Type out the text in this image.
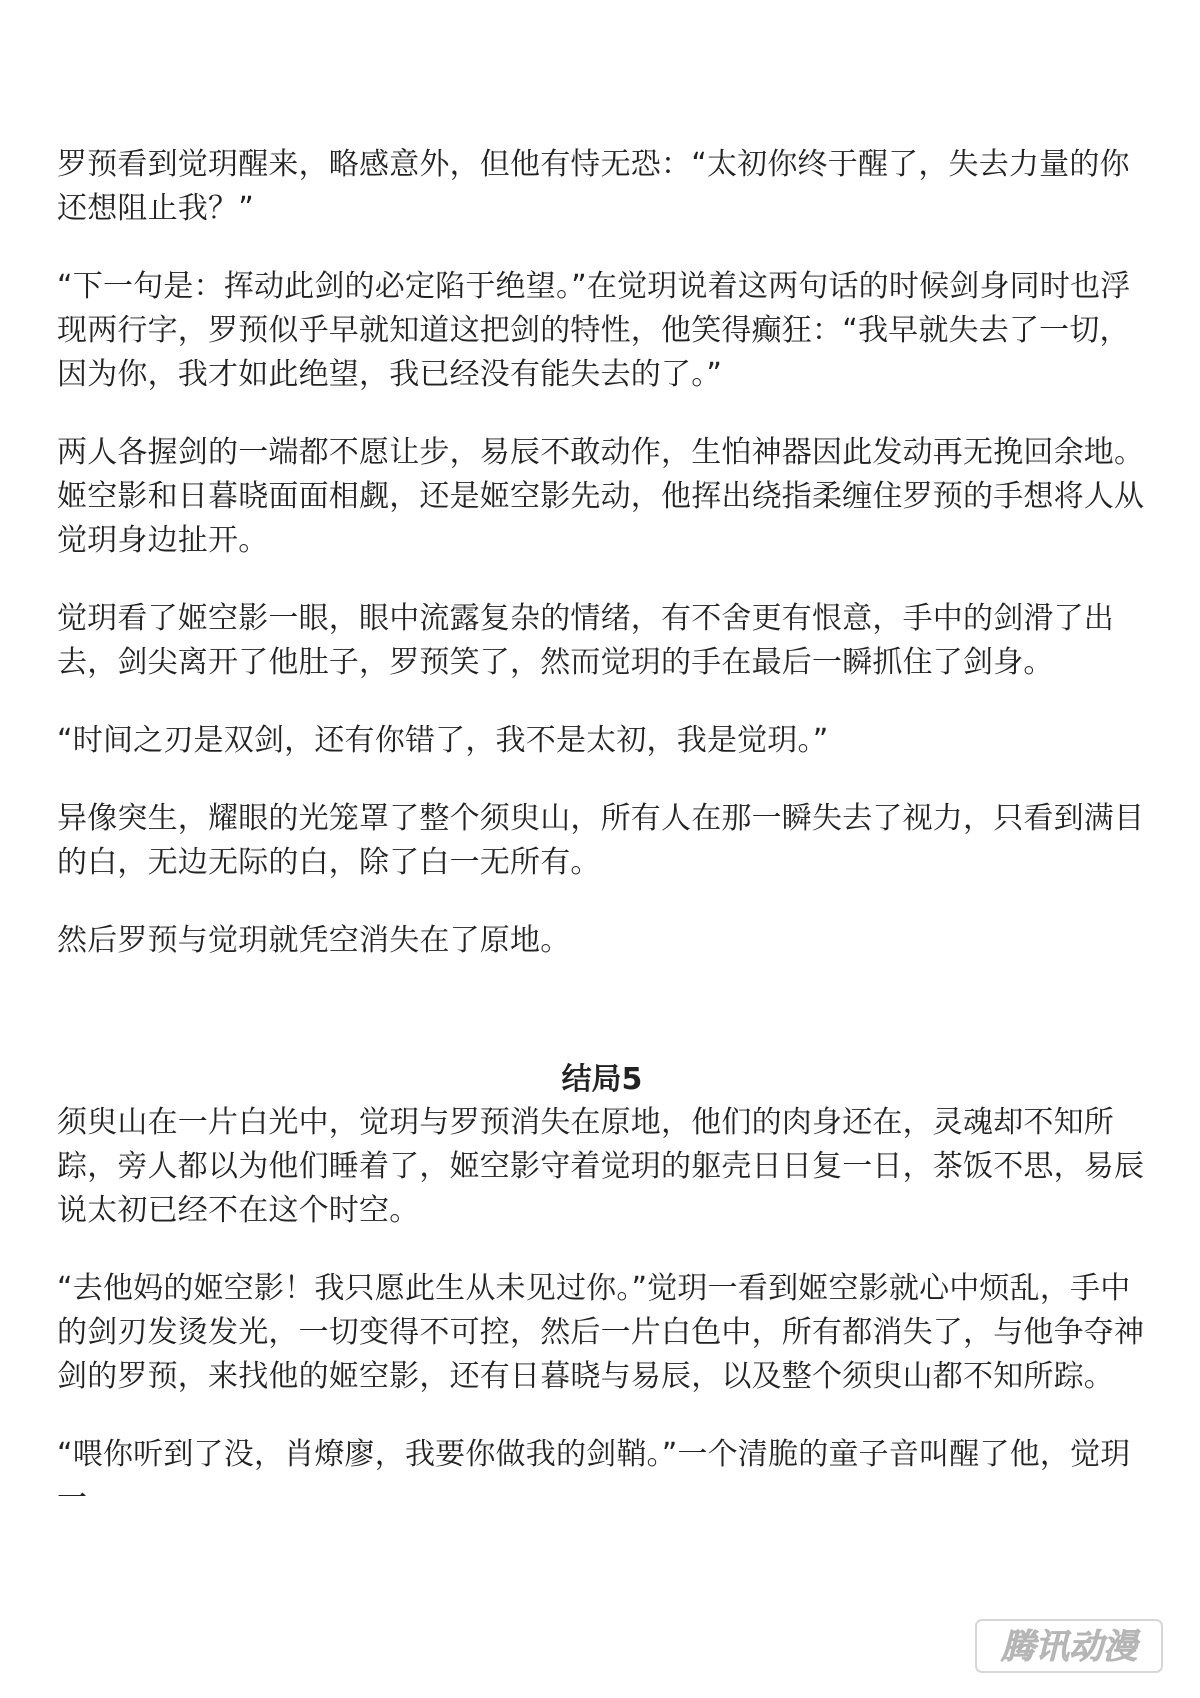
罗预看到觉玥醒来，略感意外，但他有恃无恐：“太初你终于醒了，失去力量的你还想阻止我？”

“下一句是：挥动此剑的必定陷于绝望。”在觉玥说着这两句话的时候剑身同时也浮现两行字，罗预似乎早就知道这把剑的特性，他笑得癫狂：“我早就失去了一切，因为你，我才如此绝望，我已经没有能失去的了。”

两人各握剑的一端都不愿让步，易辰不敢动作，生怕神器因此发动再无挽回余地。姬空影和日暮晓面面相觑，还是姬空影先动，他挥出绕指柔缠住罗预的手想将人从觉玥身边扯开。

觉玥看了姬空影一眼，眼中流露复杂的情绪，有不舍更有恨意，手中的剑滑了出去，剑尖离开了他肚子，罗预笑了，然而觉玥的手在最后一瞬抓住了剑身。

“时间之刃是双剑，还有你错了，我不是太初，我是觉玥。”

异像突生，耀眼的光笼罩了整个须臾山，所有人在那一瞬失去了视力，只看到满目的白，无边无际的白，除了白一无所有。

然后罗预与觉玥就凭空消失在了原地。

结局5

须臾山在一片白光中，觉玥与罗预消失在原地，他们的肉身还在，灵魂却不知所踪，旁人都以为他们睡着了，姬空影守着觉玥的躯壳日日复一日，茶饭不思，易辰说太初已经不在这个时空。

“去他妈的姬空影！我只愿此生从未见过你。”觉玥一看到姬空影就心中烦乱，手中的剑刃发烫发光，一切变得不可控，然后一片白色中，所有都消失了，与他争夺神剑的罗预，来找他的姬空影，还有日暮晓与易辰，以及整个须臾山都不知所踪。

“喂你听到了没，肖燎廖，我要你做我的剑鞘。”一个清脆的童子音叫醒了他，觉玥一

腾讯动漫
